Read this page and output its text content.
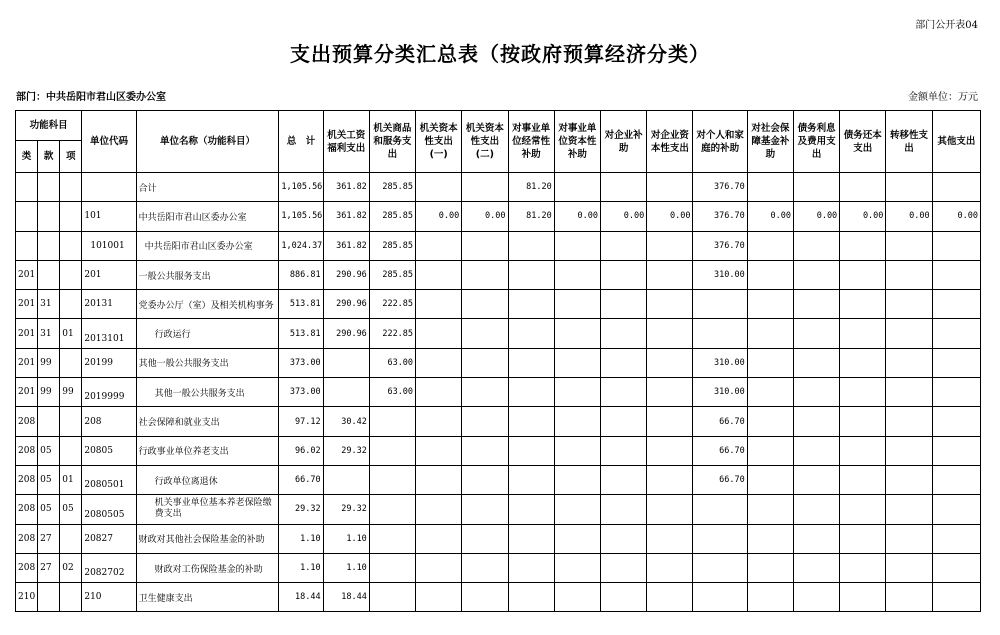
部门公开表04
支出预算分类汇总表（按政府预算经济分类）
部门：中共岳阳市君山区委办公室	金额单位：万元
功能科目			单位代码	单位名称（功能科目）	总　计	机关工资福利支出	机关商品和服务支出	机关资本性支出(一)	机关资本性支出(二)	对事业单位经常性补助	对事业单位资本性补助	对企业补助	对企业资本性支出	对个人和家庭的补助	对社会保障基金补助	债务利息及费用支出	债务还本支出	转移性支出	其他支出
类	款	项																	
				合计	1,105.56	361.82	285.85			81.20				376.70					
			101	中共岳阳市君山区委办公室	1,105.56	361.82	285.85	0.00	0.00	81.20	0.00	0.00	0.00	376.70	0.00	0.00	0.00	0.00	0.00
			101001	中共岳阳市君山区委办公室	1,024.37	361.82	285.85							376.70					
201			201	一般公共服务支出	886.81	290.96	285.85							310.00					
201	31		20131	党委办公厅（室）及相关机构事务	513.81	290.96	222.85												
201	31	01	2013101	行政运行	513.81	290.96	222.85												
201	99		20199	其他一般公共服务支出	373.00		63.00							310.00					
201	99	99	2019999	其他一般公共服务支出	373.00		63.00							310.00					
208			208	社会保障和就业支出	97.12	30.42								66.70					
208	05		20805	行政事业单位养老支出	96.02	29.32								66.70					
208	05	01	2080501	行政单位离退休	66.70									66.70					
208	05	05	2080505	机关事业单位基本养老保险缴费支出	29.32	29.32													
208	27		20827	财政对其他社会保险基金的补助	1.10	1.10													
208	27	02	2082702	财政对工伤保险基金的补助	1.10	1.10													
210			210	卫生健康支出	18.44	18.44													
